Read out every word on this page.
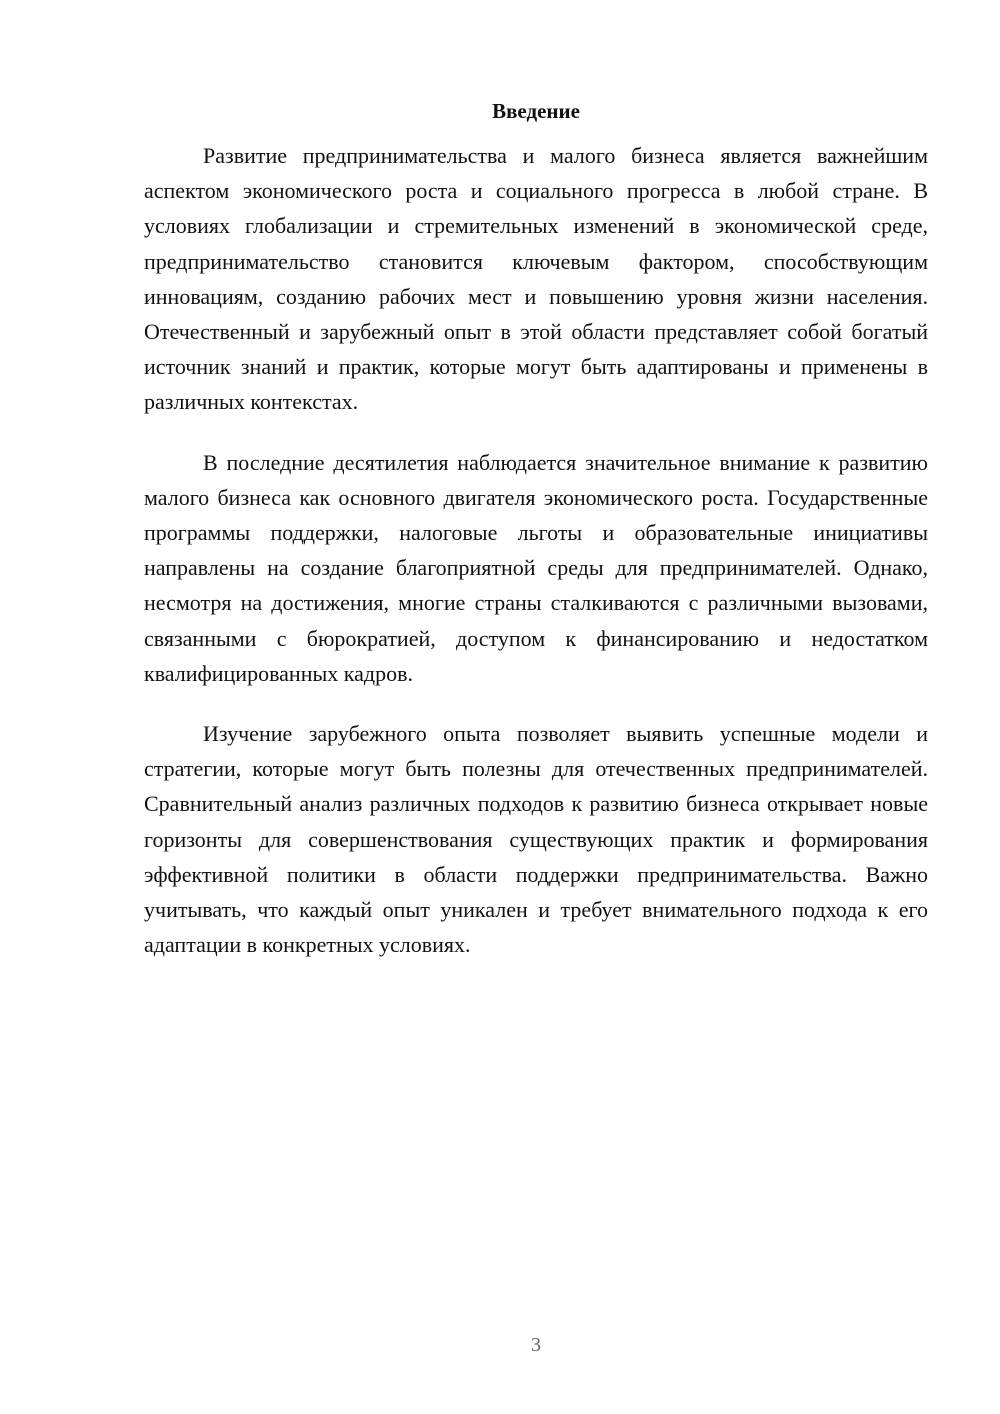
Введение

Развитие предпринимательства и малого бизнеса является важнейшим аспектом экономического роста и социального прогресса в любой стране. В условиях глобализации и стремительных изменений в экономической среде, предпринимательство становится ключевым фактором, способствующим инновациям, созданию рабочих мест и повышению уровня жизни населения. Отечественный и зарубежный опыт в этой области представляет собой богатый источник знаний и практик, которые могут быть адаптированы и применены в различных контекстах.

В последние десятилетия наблюдается значительное внимание к развитию малого бизнеса как основного двигателя экономического роста. Государственные программы поддержки, налоговые льготы и образовательные инициативы направлены на создание благоприятной среды для предпринимателей. Однако, несмотря на достижения, многие страны сталкиваются с различными вызовами, связанными с бюрократией, доступом к финансированию и недостатком квалифицированных кадров.

Изучение зарубежного опыта позволяет выявить успешные модели и стратегии, которые могут быть полезны для отечественных предпринимателей. Сравнительный анализ различных подходов к развитию бизнеса открывает новые горизонты для совершенствования существующих практик и формирования эффективной политики в области поддержки предпринимательства. Важно учитывать, что каждый опыт уникален и требует внимательного подхода к его адаптации в конкретных условиях.

3
